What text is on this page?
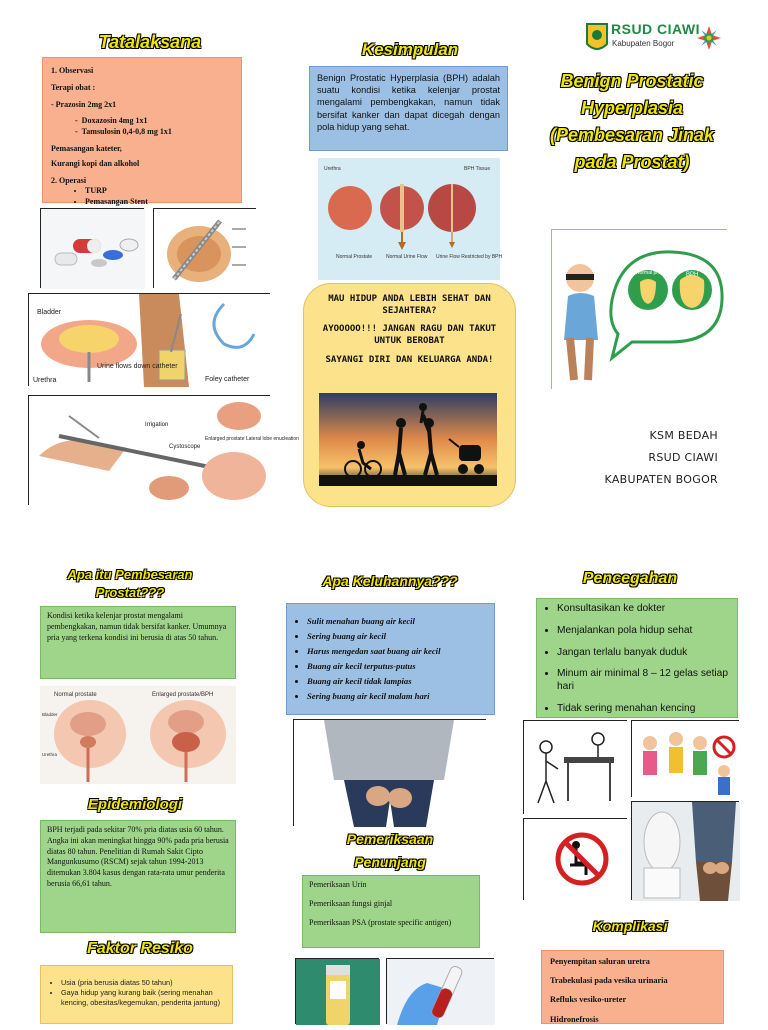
Tatalaksana
1. Observasi
Terapi obat :
- Prazosin 2mg 2x1
-  Doxazosin 4mg 1x1
-  Tamsulosin 0,4-0,8 mg 1x1
Pemasangan kateter,
Kurangi kopi dan alkohol
2. Operasi
• TURP
• Pemasangan Stent
Bladder
Urethra
Urine flows down catheter
Foley catheter
Irrigation
Cystoscope
Enlarged prostate Lateral lobe enucleation
Kesimpulan
Benign Prostatic Hyperplasia (BPH) adalah suatu kondisi ketika kelenjar prostat mengalami pembengkakan, namun tidak bersifat kanker dan dapat dicegah dengan pola hidup yang sehat.
Urethra	BPH Tissue
Normal Prostate	Normal Urine Flow Urine Flow Restricted by BPH
MAU HIDUP ANDA LEBIH SEHAT DAN SEJAHTERA?
AYOOOOO!!! JANGAN RAGU DAN TAKUT UNTUK BEROBAT
SAYANGI DIRI DAN KELUARGA ANDA!
RSUD CIAWI
Kabupaten Bogor
Benign Prostatic Hyperplasia (Pembesaran Jinak pada Prostat)
Normal prostate BPH
Enlarged Prostate
KSM BEDAH
RSUD CIAWI
KABUPATEN BOGOR
Apa itu Pembesaran Prostat???
Kondisi ketika kelenjar prostat mengalami pembengkakan, namun tidak bersifat kanker. Umumnya pria yang terkena kondisi ini berusia di atas 50 tahun.
Normal prostate	Enlarged prostate/BPH
Bladder
Urethra
Epidemiologi
BPH terjadi pada sekitar 70% pria diatas usia 60 tahun. Angka ini akan meningkat hingga 90% pada pria berusia diatas 80 tahun. Penelitian di Rumah Sakit Cipto Mangunkusumo (RSCM) sejak tahun 1994-2013 ditemukan 3.804 kasus dengan rata-rata umur penderita berusia 66,61 tahun.
Faktor Resiko
• Usia (pria berusia diatas 50 tahun)
• Gaya hidup yang kurang baik (sering menahan kencing, obesitas/kegemukan, penderita jantung)
Apa Keluhannya???
• Sulit menahan buang air kecil
• Sering buang air kecil
• Harus mengedan saat buang air kecil
• Buang air kecil terputus-putus
• Buang air kecil tidak lampias
• Sering buang air kecil malam hari
Pemeriksaan
Penunjang
Pemeriksaan Urin
Pemeriksaan fungsi ginjal
Pemeriksaan PSA (prostate specific antigen)
Pencegahan
• Konsultasikan ke dokter
• Menjalankan pola hidup sehat
• Jangan terlalu banyak duduk
• Minum air minimal 8 – 12 gelas setiap hari
• Tidak sering menahan kencing
Komplikasi
Penyempitan saluran uretra
Trabekulasi pada vesika urinaria
Refluks vesiko-ureter
Hidronefrosis
